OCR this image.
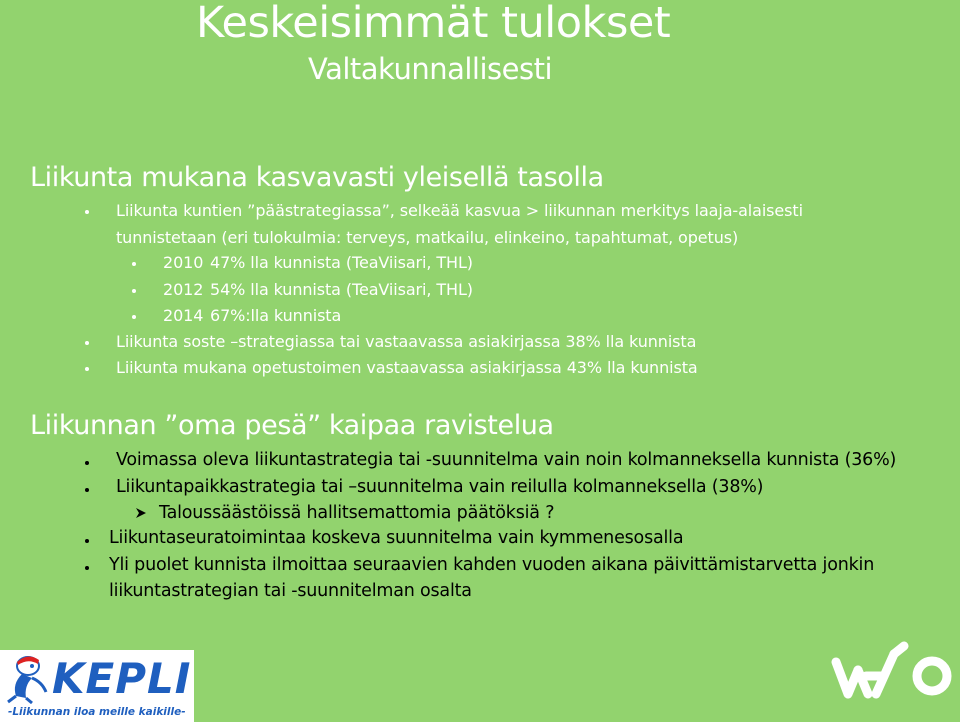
Keskeisimmät tulokset
Valtakunnallisesti
Liikunta mukana kasvavasti yleisellä tasolla
Liikunta kuntien ”päästrategiassa”, selkeää kasvua > liikunnan merkitys laaja-alaisesti
tunnistetaan (eri tulokulmia: terveys, matkailu, elinkeino, tapahtumat, opetus)
2010 47% lla kunnista (TeaViisari, THL)
2012 54% lla kunnista (TeaViisari, THL)
2014 67%:lla kunnista
Liikunta soste –strategiassa tai vastaavassa asiakirjassa 38% lla kunnista
Liikunta mukana opetustoimen vastaavassa asiakirjassa 43% lla kunnista
Liikunnan ”oma pesä” kaipaa ravistelua
Voimassa oleva liikuntastrategia tai -suunnitelma vain noin kolmanneksella kunnista (36%)
Liikuntapaikkastrategia tai –suunnitelma vain reilulla kolmanneksella (38%)
Taloussäästöissä hallitsemattomia päätöksiä ?
Liikuntaseuratoimintaa koskeva suunnitelma vain kymmenesosalla
Yli puolet kunnista ilmoittaa seuraavien kahden vuoden aikana päivittämistarvetta jonkin
liikuntastrategian tai -suunnitelman osalta
KEPLI
-Liikunnan iloa meille kaikille-
